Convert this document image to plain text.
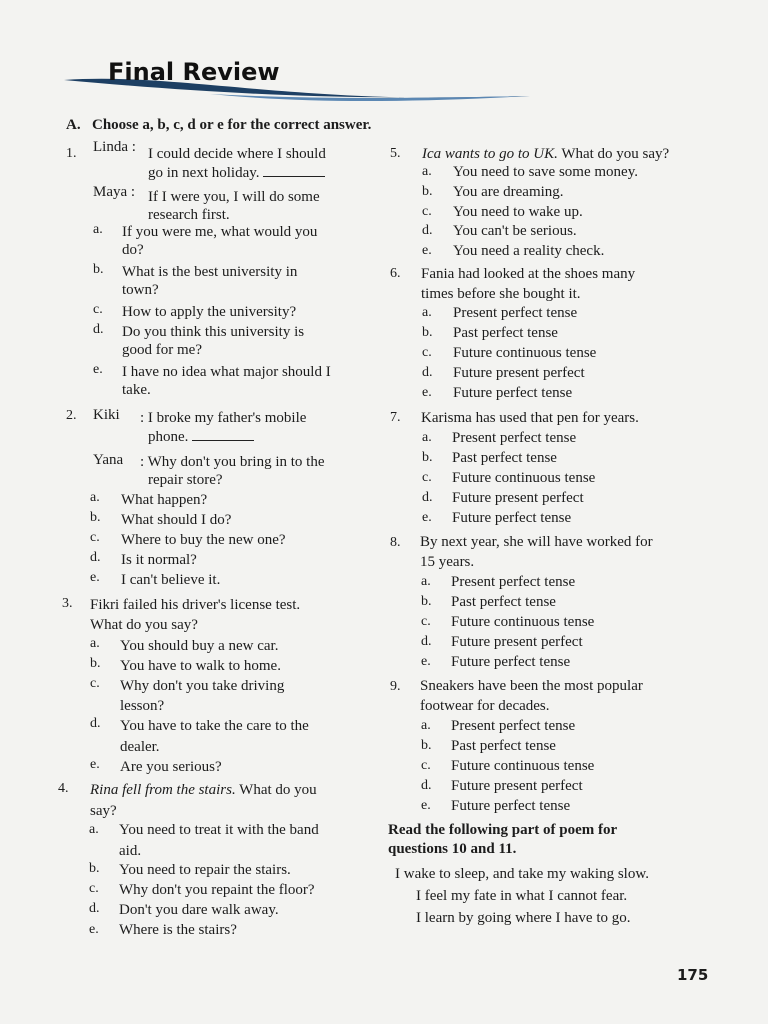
Final Review
A. Choose a, b, c, d or e for the correct answer.
1. Linda : I could decide where I should
go in next holiday.
Maya : If I were you, I will do some
research first.
a. If you were me, what would you
do?
b. What is the best university in
town?
c. How to apply the university?
d. Do you think this university is
good for me?
e. I have no idea what major should I
take.
2. Kiki : I broke my father's mobile
phone.
Yana : Why don't you bring in to the
repair store?
a. What happen?
b. What should I do?
c. Where to buy the new one?
d. Is it normal?
e. I can't believe it.
3. Fikri failed his driver's license test.
What do you say?
a. You should buy a new car.
b. You have to walk to home.
c. Why don't you take driving
lesson?
d. You have to take the care to the
dealer.
e. Are you serious?
4. Rina fell from the stairs. What do you
say?
a. You need to treat it with the band
aid.
b. You need to repair the stairs.
c. Why don't you repaint the floor?
d. Don't you dare walk away.
e. Where is the stairs?
5. Ica wants to go to UK. What do you say?
a. You need to save some money.
b. You are dreaming.
c. You need to wake up.
d. You can't be serious.
e. You need a reality check.
6. Fania had looked at the shoes many
times before she bought it.
a. Present perfect tense
b. Past perfect tense
c. Future continuous tense
d. Future present perfect
e. Future perfect tense
7. Karisma has used that pen for years.
a. Present perfect tense
b. Past perfect tense
c. Future continuous tense
d. Future present perfect
e. Future perfect tense
8. By next year, she will have worked for
15 years.
a. Present perfect tense
b. Past perfect tense
c. Future continuous tense
d. Future present perfect
e. Future perfect tense
9. Sneakers have been the most popular
footwear for decades.
a. Present perfect tense
b. Past perfect tense
c. Future continuous tense
d. Future present perfect
e. Future perfect tense
Read the following part of poem for
questions 10 and 11.
I wake to sleep, and take my waking slow.
I feel my fate in what I cannot fear.
I learn by going where I have to go.
175
